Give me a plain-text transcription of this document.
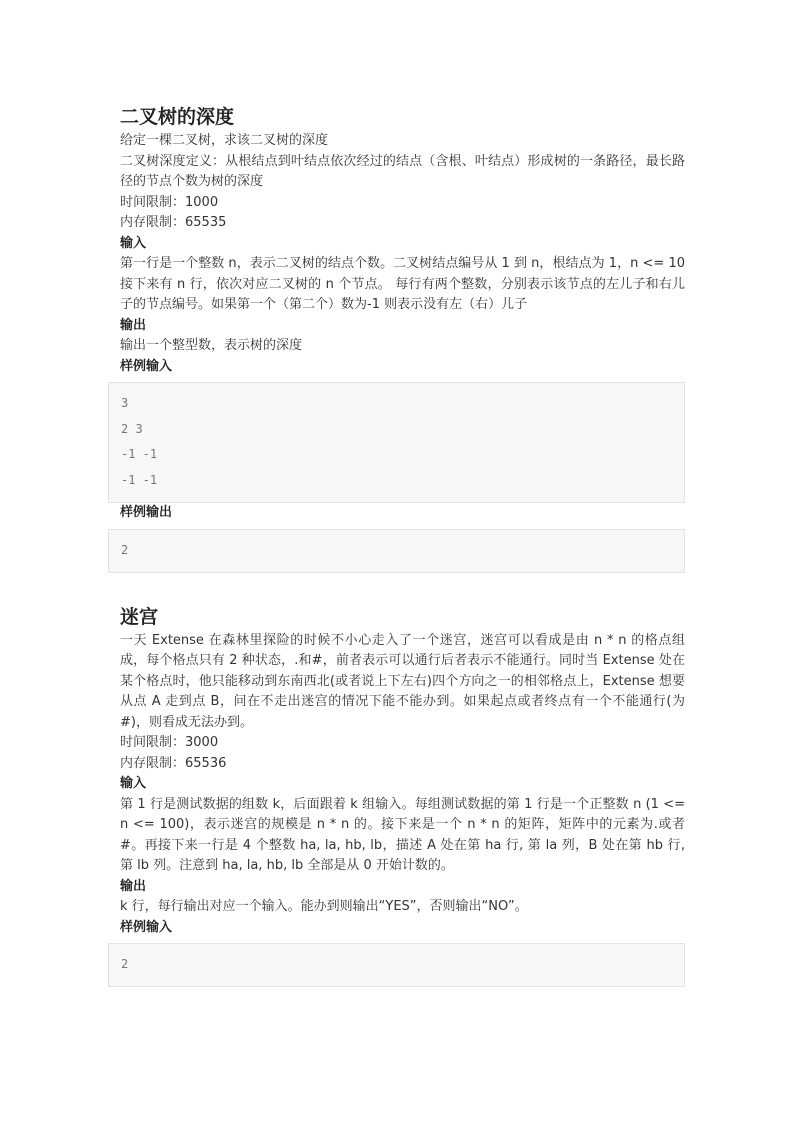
二叉树的深度

给定一棵二叉树，求该二叉树的深度

二叉树深度定义：从根结点到叶结点依次经过的结点（含根、叶结点）形成树的一条路径，最长路径的节点个数为树的深度

时间限制：1000

内存限制：65535

输入

第一行是一个整数 n，表示二叉树的结点个数。二叉树结点编号从 1 到 n，根结点为 1，n <= 10 接下来有 n 行，依次对应二叉树的 n 个节点。 每行有两个整数，分别表示该节点的左儿子和右儿子的节点编号。如果第一个（第二个）数为-1 则表示没有左（右）儿子

输出

输出一个整型数，表示树的深度

样例输入

3
2 3
-1 -1
-1 -1

样例输出

2
迷宫

一天 Extense 在森林里探险的时候不小心走入了一个迷宫，迷宫可以看成是由 n * n 的格点组成，每个格点只有 2 种状态，.和#，前者表示可以通行后者表示不能通行。同时当 Extense 处在某个格点时，他只能移动到东南西北(或者说上下左右)四个方向之一的相邻格点上，Extense 想要从点 A 走到点 B，问在不走出迷宫的情况下能不能办到。如果起点或者终点有一个不能通行(为#)，则看成无法办到。

时间限制：3000

内存限制：65536

输入

第 1 行是测试数据的组数 k，后面跟着 k 组输入。每组测试数据的第 1 行是一个正整数 n (1 <= n <= 100)，表示迷宫的规模是 n * n 的。接下来是一个 n * n 的矩阵，矩阵中的元素为.或者#。再接下来一行是 4 个整数 ha, la, hb, lb，描述 A 处在第 ha 行, 第 la 列，B 处在第 hb 行, 第 lb 列。注意到 ha, la, hb, lb 全部是从 0 开始计数的。

输出

k 行，每行输出对应一个输入。能办到则输出“YES”，否则输出“NO”。

样例输入

2
